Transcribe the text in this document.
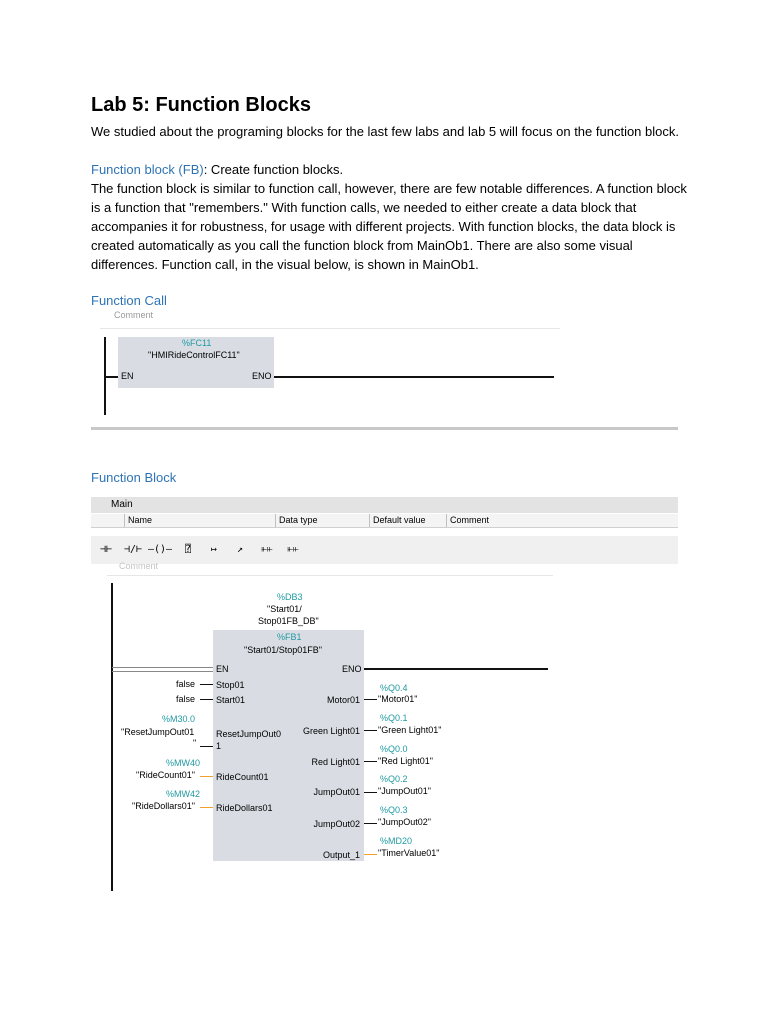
Lab 5: Function Blocks

We studied about the programing blocks for the last few labs and lab 5 will focus on the function block.

Function block (FB): Create function blocks.

The function block is similar to function call, however, there are few notable differences. A function block is a function that "remembers." With function calls, we needed to either create a data block that accompanies it for robustness, for usage with different projects. With function blocks, the data block is created automatically as you call the function block from MainOb1. There are also some visual differences. Function call, in the visual below, is shown in MainOb1.

Function Call
Comment
%FC11
"HMIRideControlFC11"
EN	ENO
Function Block
Main
Name	Data type	Default value	Comment
⊣⊢	⊣/⊢ –()–	⍰	↦	↗	⫦⫦	⫦⫦
Comment
%DB3
"Start01/
Stop01FB_DB"
%FB1
"Start01/Stop01FB"
EN	ENO
false Stop01
false Start01
%M30.0
"ResetJumpOut01
"
ResetJumpOut0
1
%MW40
"RideCount01" RideCount01
%MW42
"RideDollars01" RideDollars01
%Q0.4
Motor01 "Motor01"
%Q0.1
Green Light01 "Green Light01"
%Q0.0
Red Light01 "Red Light01"
%Q0.2
JumpOut01 "JumpOut01"
%Q0.3
JumpOut02 "JumpOut02"
%MD20
Output_1 "TimerValue01"
